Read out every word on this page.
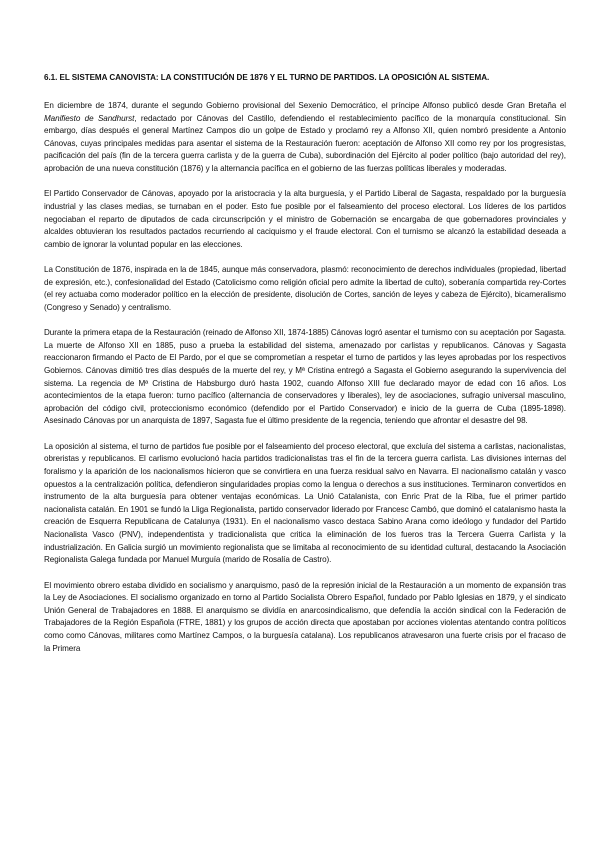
6.1. EL SISTEMA CANOVISTA: LA CONSTITUCIÓN DE 1876 Y EL TURNO DE PARTIDOS. LA OPOSICIÓN AL SISTEMA.

En diciembre de 1874, durante el segundo Gobierno provisional del Sexenio Democrático, el príncipe Alfonso publicó desde Gran Bretaña el Manifiesto de Sandhurst, redactado por Cánovas del Castillo, defendiendo el restablecimiento pacífico de la monarquía constitucional. Sin embargo, días después el general Martínez Campos dio un golpe de Estado y proclamó rey a Alfonso XII, quien nombró presidente a Antonio Cánovas, cuyas principales medidas para asentar el sistema de la Restauración fueron: aceptación de Alfonso XII como rey por los progresistas, pacificación del país (fin de la tercera guerra carlista y de la guerra de Cuba), subordinación del Ejército al poder político (bajo autoridad del rey), aprobación de una nueva constitución (1876) y la alternancia pacífica en el gobierno de las fuerzas políticas liberales y moderadas.

El Partido Conservador de Cánovas, apoyado por la aristocracia y la alta burguesía, y el Partido Liberal de Sagasta, respaldado por la burguesía industrial y las clases medias, se turnaban en el poder. Esto fue posible por el falseamiento del proceso electoral. Los líderes de los partidos negociaban el reparto de diputados de cada circunscripción y el ministro de Gobernación se encargaba de que gobernadores provinciales y alcaldes obtuvieran los resultados pactados recurriendo al caciquismo y el fraude electoral. Con el turnismo se alcanzó la estabilidad deseada a cambio de ignorar la voluntad popular en las elecciones.

La Constitución de 1876, inspirada en la de 1845, aunque más conservadora, plasmó: reconocimiento de derechos individuales (propiedad, libertad de expresión, etc.), confesionalidad del Estado (Catolicismo como religión oficial pero admite la libertad de culto), soberanía compartida rey-Cortes (el rey actuaba como moderador político en la elección de presidente, disolución de Cortes, sanción de leyes y cabeza de Ejército), bicameralismo (Congreso y Senado) y centralismo.

Durante la primera etapa de la Restauración (reinado de Alfonso XII, 1874-1885) Cánovas logró asentar el turnismo con su aceptación por Sagasta. La muerte de Alfonso XII en 1885, puso a prueba la estabilidad del sistema, amenazado por carlistas y republicanos. Cánovas y Sagasta reaccionaron firmando el Pacto de El Pardo, por el que se comprometían a respetar el turno de partidos y las leyes aprobadas por los respectivos Gobiernos. Cánovas dimitió tres días después de la muerte del rey, y Mª Cristina entregó a Sagasta el Gobierno asegurando la supervivencia del sistema. La regencia de Mª Cristina de Habsburgo duró hasta 1902, cuando Alfonso XIII fue declarado mayor de edad con 16 años. Los acontecimientos de la etapa fueron: turno pacífico (alternancia de conservadores y liberales), ley de asociaciones, sufragio universal masculino, aprobación del código civil, proteccionismo económico (defendido por el Partido Conservador) e inicio de la guerra de Cuba (1895-1898). Asesinado Cánovas por un anarquista de 1897, Sagasta fue el último presidente de la regencia, teniendo que afrontar el desastre del 98.

La oposición al sistema, el turno de partidos fue posible por el falseamiento del proceso electoral, que excluía del sistema a carlistas, nacionalistas, obreristas y republicanos. El carlismo evolucionó hacia partidos tradicionalistas tras el fin de la tercera guerra carlista. Las divisiones internas del foralismo y la aparición de los nacionalismos hicieron que se convirtiera en una fuerza residual salvo en Navarra. El nacionalismo catalán y vasco opuestos a la centralización política, defendieron singularidades propias como la lengua o derechos a sus instituciones. Terminaron convertidos en instrumento de la alta burguesía para obtener ventajas económicas. La Unió Catalanista, con Enric Prat de la Riba, fue el primer partido nacionalista catalán. En 1901 se fundó la Lliga Regionalista, partido conservador liderado por Francesc Cambó, que dominó el catalanismo hasta la creación de Esquerra Republicana de Catalunya (1931). En el nacionalismo vasco destaca Sabino Arana como ideólogo y fundador del Partido Nacionalista Vasco (PNV), independentista y tradicionalista que critica la eliminación de los fueros tras la Tercera Guerra Carlista y la industrialización. En Galicia surgió un movimiento regionalista que se limitaba al reconocimiento de su identidad cultural, destacando la Asociación Regionalista Galega fundada por Manuel Murguía (marido de Rosalía de Castro).

El movimiento obrero estaba dividido en socialismo y anarquismo, pasó de la represión inicial de la Restauración a un momento de expansión tras la Ley de Asociaciones. El socialismo organizado en torno al Partido Socialista Obrero Español, fundado por Pablo Iglesias en 1879, y el sindicato Unión General de Trabajadores en 1888. El anarquismo se dividía en anarcosindicalismo, que defendía la acción sindical con la Federación de Trabajadores de la Región Española (FTRE, 1881) y los grupos de acción directa que apostaban por acciones violentas atentando contra políticos como como Cánovas, militares como Martínez Campos, o la burguesía catalana). Los republicanos atravesaron una fuerte crisis por el fracaso de la Primera
